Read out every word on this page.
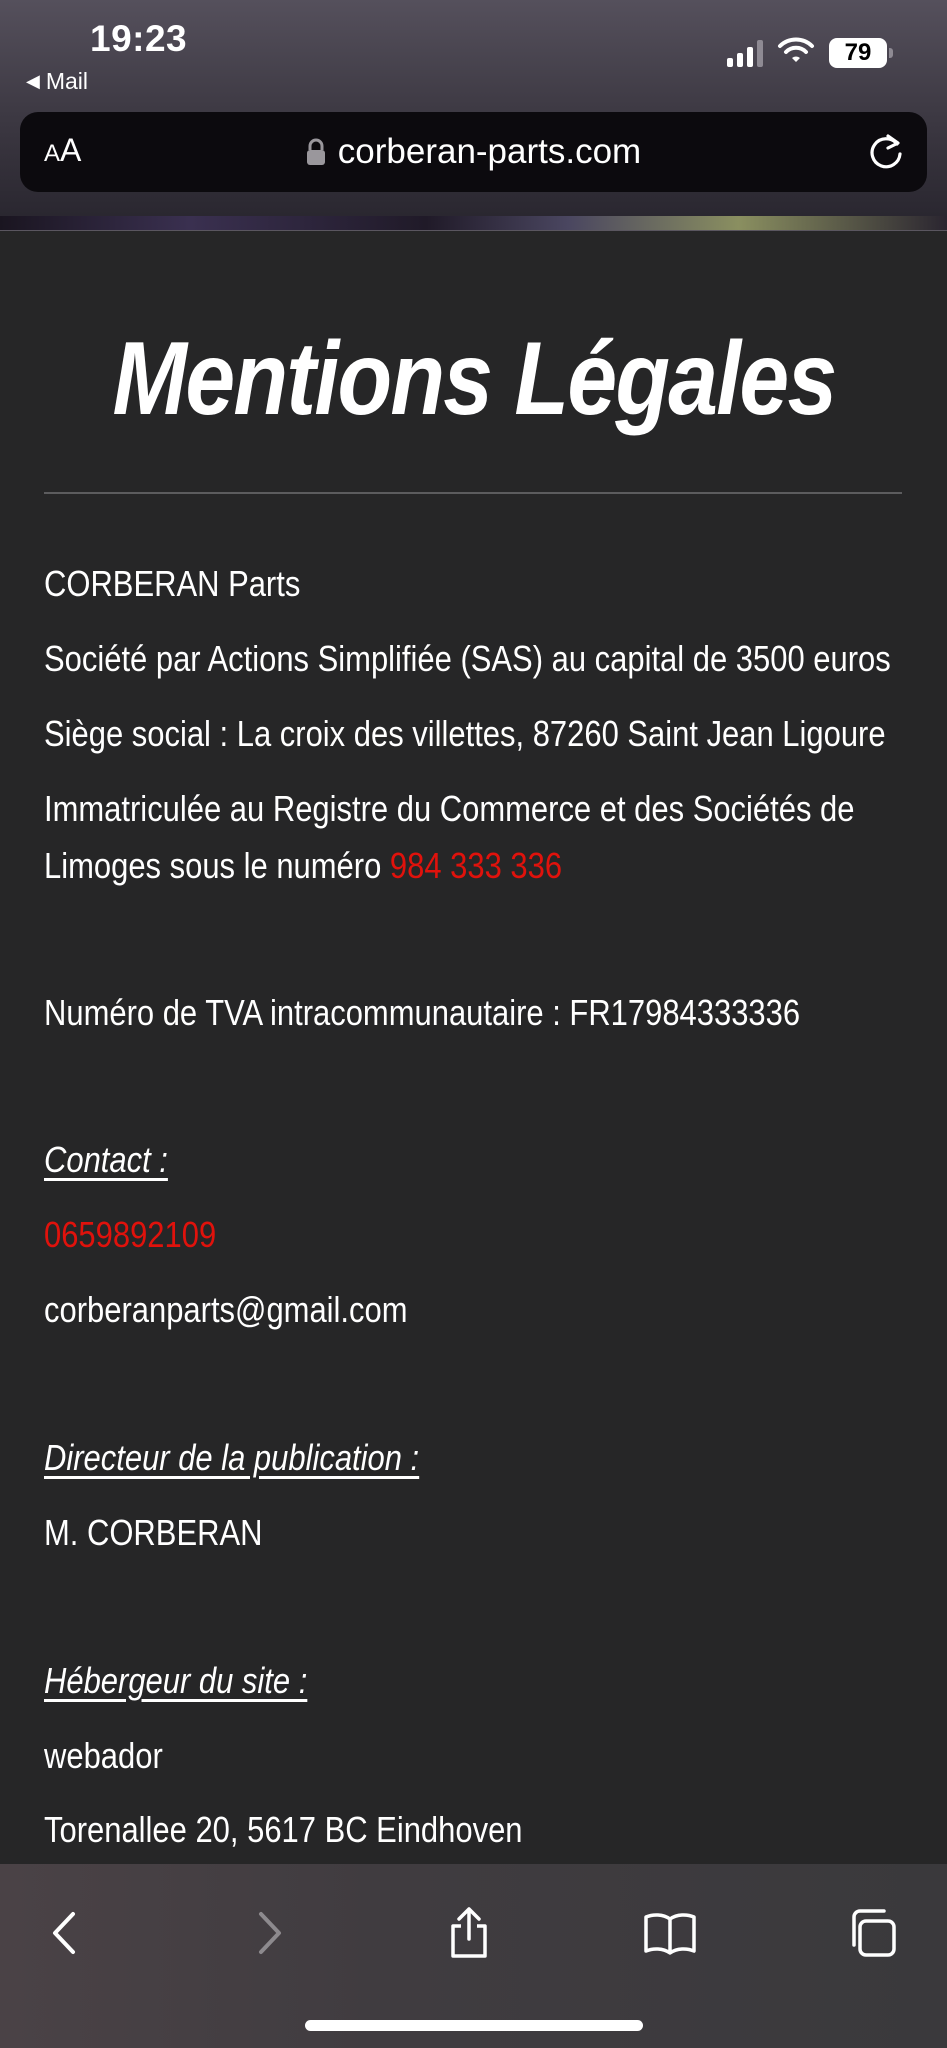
19:23
◀ Mail
79
AA	corberan-parts.com
Mentions Légales
CORBERAN Parts
Société par Actions Simplifiée (SAS) au capital de 3500 euros
Siège social : La croix des villettes, 87260 Saint Jean Ligoure
Immatriculée au Registre du Commerce et des Sociétés de
Limoges sous le numéro 984 333 336
Numéro de TVA intracommunautaire : FR17984333336
Contact :
0659892109
corberanparts@gmail.com
Directeur de la publication :
M. CORBERAN
Hébergeur du site :
webador
Torenallee 20, 5617 BC Eindhoven
